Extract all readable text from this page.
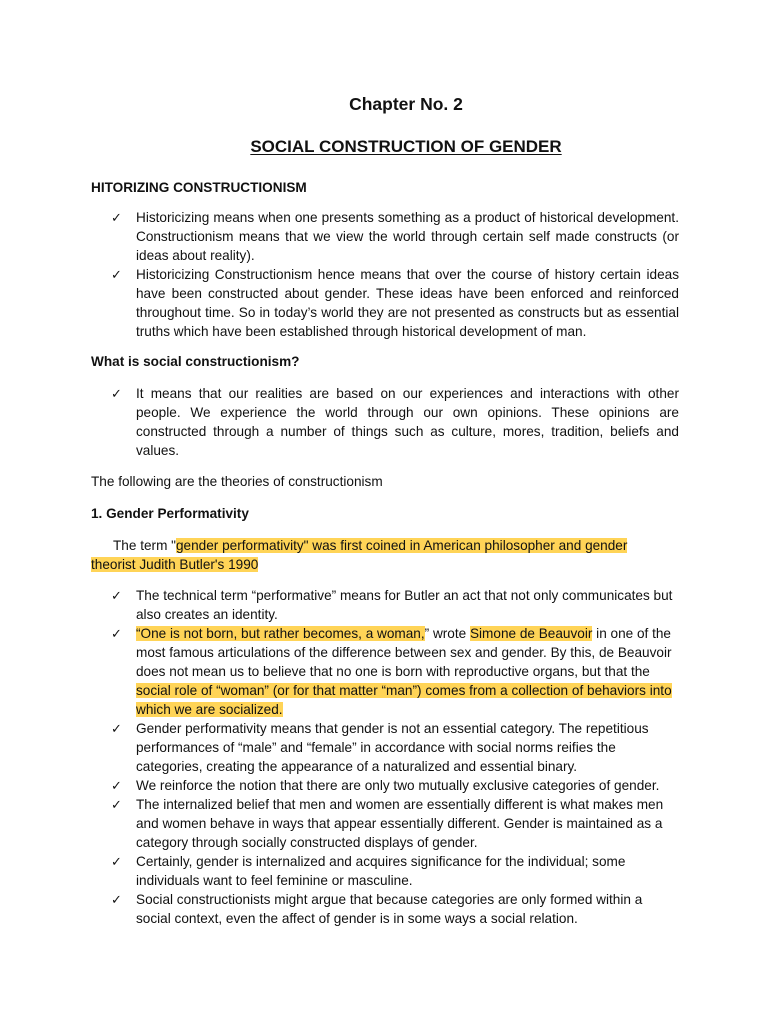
Chapter No. 2
SOCIAL CONSTRUCTION OF GENDER

HITORIZING CONSTRUCTIONISM

✓ Historicizing means when one presents something as a product of historical development. Constructionism means that we view the world through certain self made constructs (or ideas about reality).
✓ Historicizing Constructionism hence means that over the course of history certain ideas have been constructed about gender. These ideas have been enforced and reinforced throughout time. So in today’s world they are not presented as constructs but as essential truths which have been established through historical development of man.

What is social constructionism?

✓ It means that our realities are based on our experiences and interactions with other people. We experience the world through our own opinions. These opinions are constructed through a number of things such as culture, mores, tradition, beliefs and values.

The following are the theories of constructionism

1. Gender Performativity

The term "gender performativity" was first coined in American philosopher and gender theorist Judith Butler's 1990

✓ The technical term “performative” means for Butler an act that not only communicates but also creates an identity.
✓ “One is not born, but rather becomes, a woman,” wrote Simone de Beauvoir in one of the most famous articulations of the difference between sex and gender. By this, de Beauvoir does not mean us to believe that no one is born with reproductive organs, but that the social role of “woman” (or for that matter “man”) comes from a collection of behaviors into which we are socialized.
✓ Gender performativity means that gender is not an essential category. The repetitious performances of “male” and “female” in accordance with social norms reifies the categories, creating the appearance of a naturalized and essential binary.
✓ We reinforce the notion that there are only two mutually exclusive categories of gender.
✓ The internalized belief that men and women are essentially different is what makes men and women behave in ways that appear essentially different. Gender is maintained as a category through socially constructed displays of gender.
✓ Certainly, gender is internalized and acquires significance for the individual; some individuals want to feel feminine or masculine.
✓ Social constructionists might argue that because categories are only formed within a social context, even the affect of gender is in some ways a social relation.
